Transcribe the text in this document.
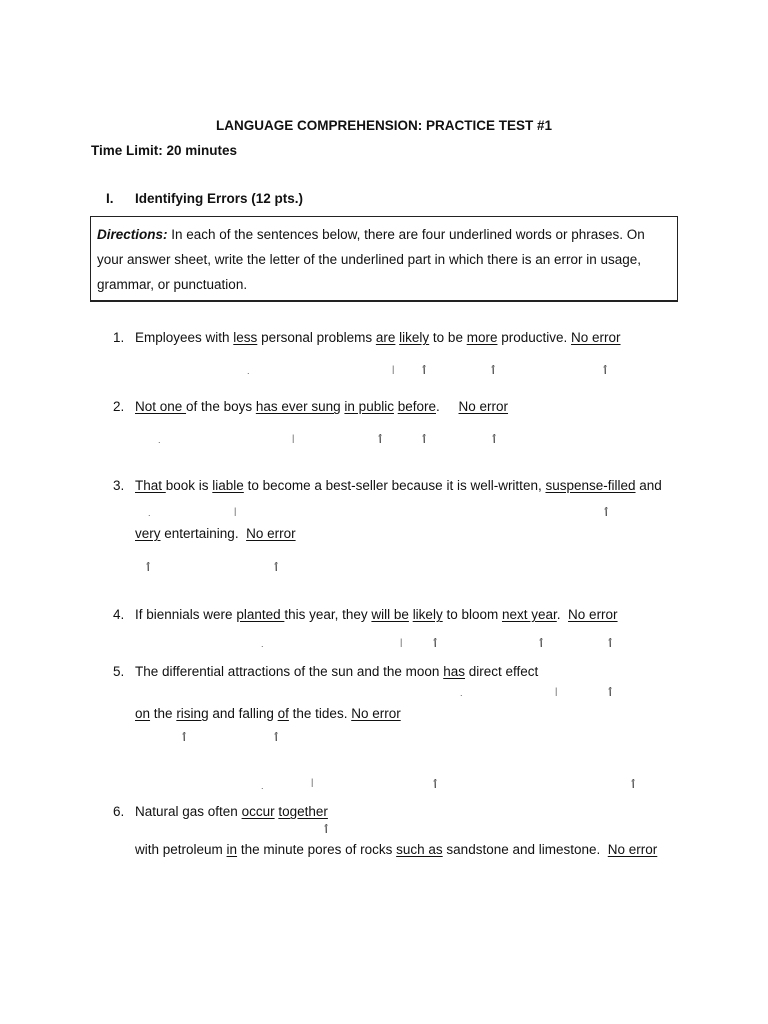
LANGUAGE COMPREHENSION: PRACTICE TEST #1
Time Limit: 20 minutes
I. Identifying Errors (12 pts.)
Directions: In each of the sentences below, there are four underlined words or phrases. On your answer sheet, write the letter of the underlined part in which there is an error in usage, grammar, or punctuation.
1. Employees with less personal problems are likely to be more productive. No error
.	| ٲ	ٲ	ٲ
2. Not one of the boys has ever sung in public before.     No error
.	|	ٲ	ٲ	ٲ
3. That book is liable to become a best-seller because it is well-written, suspense-filled and
.	|	ٲ
very entertaining.  No error
ٲ	ٲ
4. If biennials were planted this year, they will be likely to bloom next year.  No error
.	|	ٲ	ٲ	ٲ
5. The differential attractions of the sun and the moon has direct effect
.	|	ٲ
on the rising and falling of the tides. No error
ٲ	ٲ
.	|	ٲ	ٲ
6. Natural gas often occur together
ٲ
with petroleum in the minute pores of rocks such as sandstone and limestone.  No error
